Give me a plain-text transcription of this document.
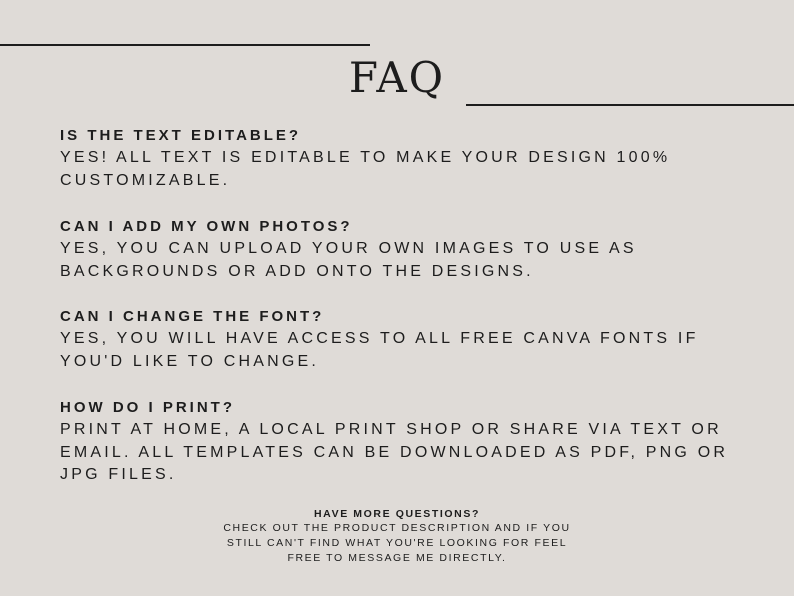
FAQ

IS THE TEXT EDITABLE?

YES! ALL TEXT IS EDITABLE TO MAKE YOUR DESIGN 100% CUSTOMIZABLE.

CAN I ADD MY OWN PHOTOS?

YES, YOU CAN UPLOAD YOUR OWN IMAGES TO USE AS BACKGROUNDS OR ADD ONTO THE DESIGNS.

CAN I CHANGE THE FONT?

YES, YOU WILL HAVE ACCESS TO ALL FREE CANVA FONTS IF YOU'D LIKE TO CHANGE.

HOW DO I PRINT?

PRINT AT HOME, A LOCAL PRINT SHOP OR SHARE VIA TEXT OR EMAIL. ALL TEMPLATES CAN BE DOWNLOADED AS PDF, PNG OR JPG FILES.

HAVE MORE QUESTIONS?
CHECK OUT THE PRODUCT DESCRIPTION AND IF YOU STILL CAN'T FIND WHAT YOU'RE LOOKING FOR FEEL FREE TO MESSAGE ME DIRECTLY.
